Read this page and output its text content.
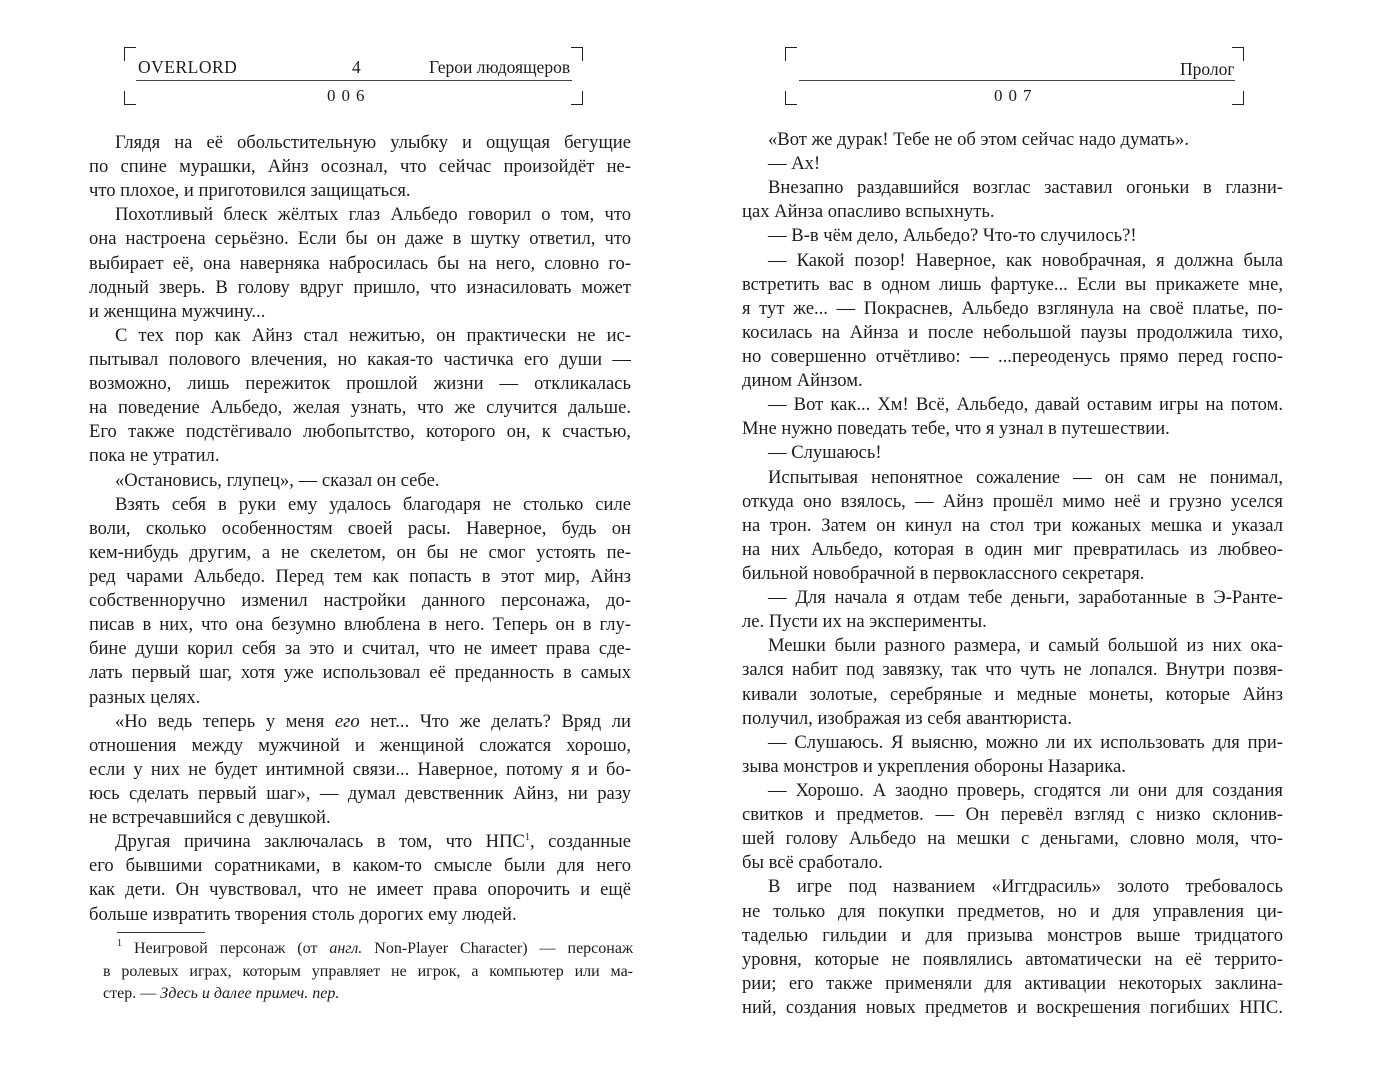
OVERLORD	4	Герои людоящеров
006
Глядя на её обольстительную улыбку и ощущая бегущие
по спине мурашки, Айнз осознал, что сейчас произойдёт не-
что плохое, и приготовился защищаться.
Похотливый блеск жёлтых глаз Альбедо говорил о том, что
она настроена серьёзно. Если бы он даже в шутку ответил, что
выбирает её, она наверняка набросилась бы на него, словно го-
лодный зверь. В голову вдруг пришло, что изнасиловать может
и женщина мужчину...
С тех пор как Айнз стал нежитью, он практически не ис-
пытывал полового влечения, но какая-то частичка его души —
возможно, лишь пережиток прошлой жизни — откликалась
на поведение Альбедо, желая узнать, что же случится дальше.
Его также подстёгивало любопытство, которого он, к счастью,
пока не утратил.
«Остановись, глупец», — сказал он себе.
Взять себя в руки ему удалось благодаря не столько силе
воли, сколько особенностям своей расы. Наверное, будь он
кем-нибудь другим, а не скелетом, он бы не смог устоять пе-
ред чарами Альбедо. Перед тем как попасть в этот мир, Айнз
собственноручно изменил настройки данного персонажа, до-
писав в них, что она безумно влюблена в него. Теперь он в глу-
бине души корил себя за это и считал, что не имеет права сде-
лать первый шаг, хотя уже использовал её преданность в самых
разных целях.
«Но ведь теперь у меня его нет... Что же делать? Вряд ли
отношения между мужчиной и женщиной сложатся хорошо,
если у них не будет интимной связи... Наверное, потому я и бо-
юсь сделать первый шаг», — думал девственник Айнз, ни разу
не встречавшийся с девушкой.
Другая причина заключалась в том, что НПС$^1$, созданные
его бывшими соратниками, в каком-то смысле были для него
как дети. Он чувствовал, что не имеет права опорочить и ещё
больше извратить творения столь дорогих ему людей.
$^1$ Неигровой персонаж (от англ. Non-Player Character) — персонаж
в ролевых играх, которым управляет не игрок, а компьютер или ма-
стер. — Здесь и далее примеч. пер.
Пролог
007
«Вот же дурак! Тебе не об этом сейчас надо думать».
— Ах!
Внезапно раздавшийся возглас заставил огоньки в глазни-
цах Айнза опасливо вспыхнуть.
— В-в чём дело, Альбедо? Что-то случилось?!
— Какой позор! Наверное, как новобрачная, я должна была
встретить вас в одном лишь фартуке... Если вы прикажете мне,
я тут же... — Покраснев, Альбедо взглянула на своё платье, по-
косилась на Айнза и после небольшой паузы продолжила тихо,
но совершенно отчётливо: — ...переоденусь прямо перед госпо-
дином Айнзом.
— Вот как... Хм! Всё, Альбедо, давай оставим игры на потом.
Мне нужно поведать тебе, что я узнал в путешествии.
— Слушаюсь!
Испытывая непонятное сожаление — он сам не понимал,
откуда оно взялось, — Айнз прошёл мимо неё и грузно уселся
на трон. Затем он кинул на стол три кожаных мешка и указал
на них Альбедо, которая в один миг превратилась из любвео-
бильной новобрачной в первоклассного секретаря.
— Для начала я отдам тебе деньги, заработанные в Э-Ранте-
ле. Пусти их на эксперименты.
Мешки были разного размера, и самый большой из них ока-
зался набит под завязку, так что чуть не лопался. Внутри позвя-
кивали золотые, серебряные и медные монеты, которые Айнз
получил, изображая из себя авантюриста.
— Слушаюсь. Я выясню, можно ли их использовать для при-
зыва монстров и укрепления обороны Назарика.
— Хорошо. А заодно проверь, сгодятся ли они для создания
свитков и предметов. — Он перевёл взгляд с низко склонив-
шей голову Альбедо на мешки с деньгами, словно моля, что-
бы всё сработало.
В игре под названием «Иггдрасиль» золото требовалось
не только для покупки предметов, но и для управления ци-
таделью гильдии и для призыва монстров выше тридцатого
уровня, которые не появлялись автоматически на её террито-
рии; его также применяли для активации некоторых заклина-
ний, создания новых предметов и воскрешения погибших НПС.
